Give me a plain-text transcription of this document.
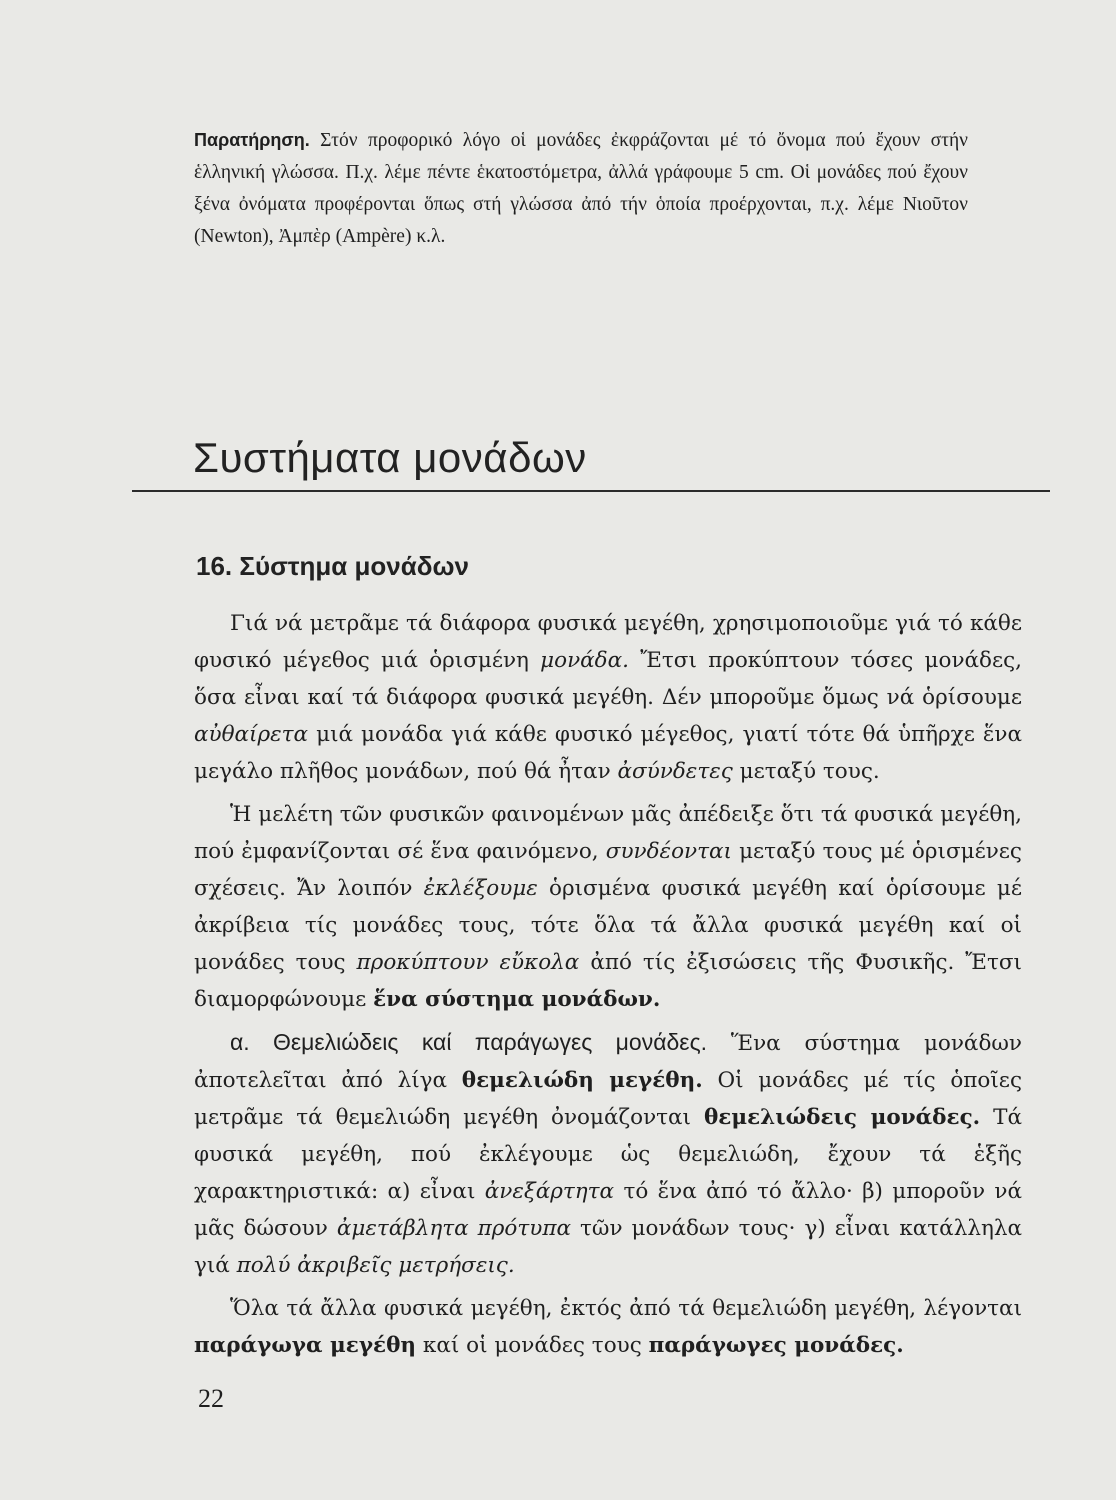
Παρατήρηση. Στόν προφορικό λόγο οἱ μονάδες ἐκφράζονται μέ τό ὄνομα πού ἔχουν στήν ἑλληνική γλώσσα. Π.χ. λέμε πέντε ἑκατοστόμετρα, ἀλλά γράφουμε 5 cm. Οἱ μονάδες πού ἔχουν ξένα ὀνόματα προφέρονται ὅπως στή γλώσσα ἀπό τήν ὁποία προέρχονται, π.χ. λέμε Νιοῦτον (Newton), Ἀμπὲρ (Ampère) κ.λ.
Συστήματα μονάδων
16. Σύστημα μονάδων

Γιά νά μετρᾶμε τά διάφορα φυσικά μεγέθη, χρησιμοποιοῦμε γιά τό κάθε φυσικό μέγεθος μιά ὁρισμένη μονάδα. Ἔτσι προκύπτουν τόσες μονάδες, ὅσα εἶναι καί τά διάφορα φυσικά μεγέθη. Δέν μποροῦμε ὅμως νά ὁρίσουμε αὐθαίρετα μιά μονάδα γιά κάθε φυσικό μέγεθος, γιατί τότε θά ὑπῆρχε ἕνα μεγάλο πλῆθος μονάδων, πού θά ἦταν ἀσύνδετες μεταξύ τους.

Ἡ μελέτη τῶν φυσικῶν φαινομένων μᾶς ἀπέδειξε ὅτι τά φυσικά μεγέθη, πού ἐμφανίζονται σέ ἕνα φαινόμενο, συνδέονται μεταξύ τους μέ ὁρισμένες σχέσεις. Ἄν λοιπόν ἐκλέξουμε ὁρισμένα φυσικά μεγέθη καί ὁρίσουμε μέ ἀκρίβεια τίς μονάδες τους, τότε ὅλα τά ἄλλα φυσικά μεγέθη καί οἱ μονάδες τους προκύπτουν εὔκολα ἀπό τίς ἐξισώσεις τῆς Φυσικῆς. Ἔτσι διαμορφώνουμε ἕνα σύστημα μονάδων.

α. Θεμελιώδεις καί παράγωγες μονάδες. Ἕνα σύστημα μονάδων ἀποτελεῖται ἀπό λίγα θεμελιώδη μεγέθη. Οἱ μονάδες μέ τίς ὁποῖες μετρᾶμε τά θεμελιώδη μεγέθη ὀνομάζονται θεμελιώδεις μονάδες. Τά φυσικά μεγέθη, πού ἐκλέγουμε ὡς θεμελιώδη, ἔχουν τά ἑξῆς χαρακτηριστικά: α) εἶναι ἀνεξάρτητα τό ἕνα ἀπό τό ἄλλο· β) μποροῦν νά μᾶς δώσουν ἀμετάβλητα πρότυπα τῶν μονάδων τους· γ) εἶναι κατάλληλα γιά πολύ ἀκριβεῖς μετρήσεις.

Ὅλα τά ἄλλα φυσικά μεγέθη, ἐκτός ἀπό τά θεμελιώδη μεγέθη, λέγονται παράγωγα μεγέθη καί οἱ μονάδες τους παράγωγες μονάδες.

22
